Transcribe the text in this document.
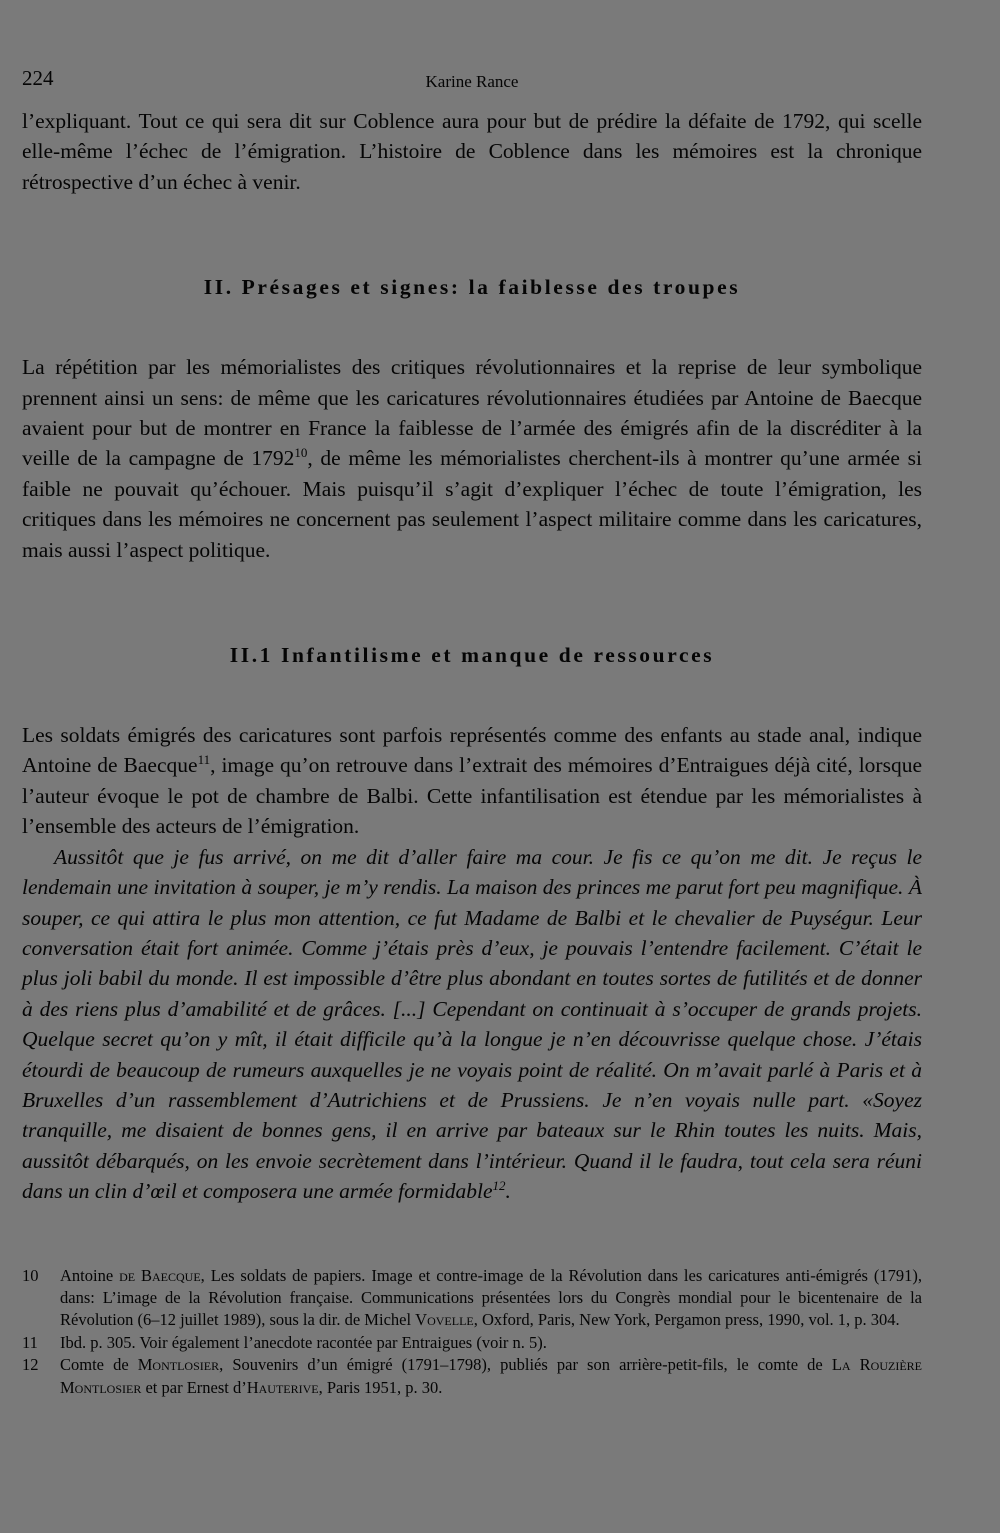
224	Karine Rance

l’expliquant. Tout ce qui sera dit sur Coblence aura pour but de prédire la défaite de 1792, qui scelle elle-même l’échec de l’émigration. L’histoire de Coblence dans les mémoires est la chronique rétrospective d’un échec à venir.

II. Présages et signes: la faiblesse des troupes

La répétition par les mémorialistes des critiques révolutionnaires et la reprise de leur symbolique prennent ainsi un sens: de même que les caricatures révolutionnaires étudiées par Antoine de Baecque avaient pour but de montrer en France la faiblesse de l’armée des émigrés afin de la discréditer à la veille de la campagne de 1792$^{10}$, de même les mémorialistes cherchent-ils à montrer qu’une armée si faible ne pouvait qu’échouer. Mais puisqu’il s’agit d’expliquer l’échec de toute l’émigration, les critiques dans les mémoires ne concernent pas seulement l’aspect militaire comme dans les caricatures, mais aussi l’aspect politique.

II.1 Infantilisme et manque de ressources

Les soldats émigrés des caricatures sont parfois représentés comme des enfants au stade anal, indique Antoine de Baecque$^{11}$, image qu’on retrouve dans l’extrait des mémoires d’Entraigues déjà cité, lorsque l’auteur évoque le pot de chambre de Balbi. Cette infantilisation est étendue par les mémorialistes à l’ensemble des acteurs de l’émigration.

Aussitôt que je fus arrivé, on me dit d’aller faire ma cour. Je fis ce qu’on me dit. Je reçus le lendemain une invitation à souper, je m’y rendis. La maison des princes me parut fort peu magnifique. À souper, ce qui attira le plus mon attention, ce fut Madame de Balbi et le chevalier de Puységur. Leur conversation était fort animée. Comme j’étais près d’eux, je pouvais l’entendre facilement. C’était le plus joli babil du monde. Il est impossible d’être plus abondant en toutes sortes de futilités et de donner à des riens plus d’amabilité et de grâces. [...] Cependant on continuait à s’occuper de grands projets. Quelque secret qu’on y mît, il était difficile qu’à la longue je n’en découvrisse quelque chose. J’étais étourdi de beaucoup de rumeurs auxquelles je ne voyais point de réalité. On m’avait parlé à Paris et à Bruxelles d’un rassemblement d’Autrichiens et de Prussiens. Je n’en voyais nulle part. «Soyez tranquille, me disaient de bonnes gens, il en arrive par bateaux sur le Rhin toutes les nuits. Mais, aussitôt débarqués, on les envoie secrètement dans l’intérieur. Quand il le faudra, tout cela sera réuni dans un clin d’œil et composera une armée formidable$^{12}$.

10	Antoine de Baecque, Les soldats de papiers. Image et contre-image de la Révolution dans les caricatures anti-émigrés (1791), dans: L’image de la Révolution française. Communications présentées lors du Congrès mondial pour le bicentenaire de la Révolution (6–12 juillet 1989), sous la dir. de Michel Vovelle, Oxford, Paris, New York, Pergamon press, 1990, vol. 1, p. 304.
11	Ibd. p. 305. Voir également l’anecdote racontée par Entraigues (voir n. 5).
12	Comte de Montlosier, Souvenirs d’un émigré (1791–1798), publiés par son arrière-petit-fils, le comte de La Rouzière Montlosier et par Ernest d’Hauterive, Paris 1951, p. 30.
